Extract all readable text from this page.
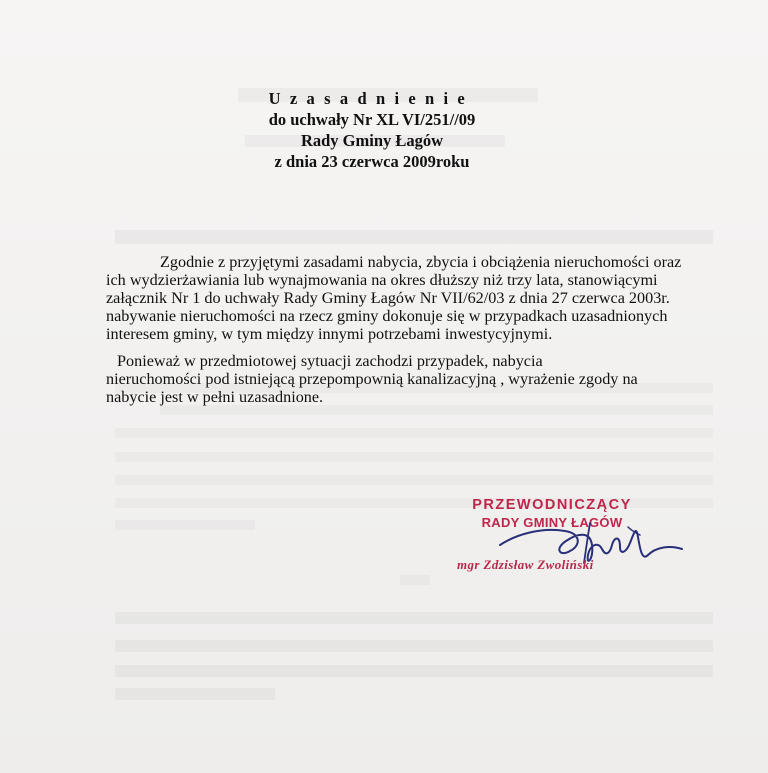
U z a s a d n i e n i e
do uchwały Nr XL VI/251//09
Rady Gminy Łagów
z dnia 23 czerwca 2009roku
Zgodnie z przyjętymi zasadami nabycia, zbycia i obciążenia nieruchomości oraz
ich wydzierżawiania lub wynajmowania na okres dłuższy niż trzy lata, stanowiącymi
załącznik Nr 1 do uchwały Rady Gminy Łagów Nr VII/62/03 z dnia 27 czerwca 2003r.
nabywanie nieruchomości na rzecz gminy dokonuje się w przypadkach uzasadnionych
interesem gminy, w tym między innymi potrzebami inwestycyjnymi.
Ponieważ w przedmiotowej sytuacji zachodzi przypadek, nabycia
nieruchomości pod istniejącą przepompownią kanalizacyjną , wyrażenie zgody na
nabycie jest w pełni uzasadnione.
PRZEWODNICZĄCY
RADY GMINY ŁAGÓW
mgr Zdzisław Zwoliński
